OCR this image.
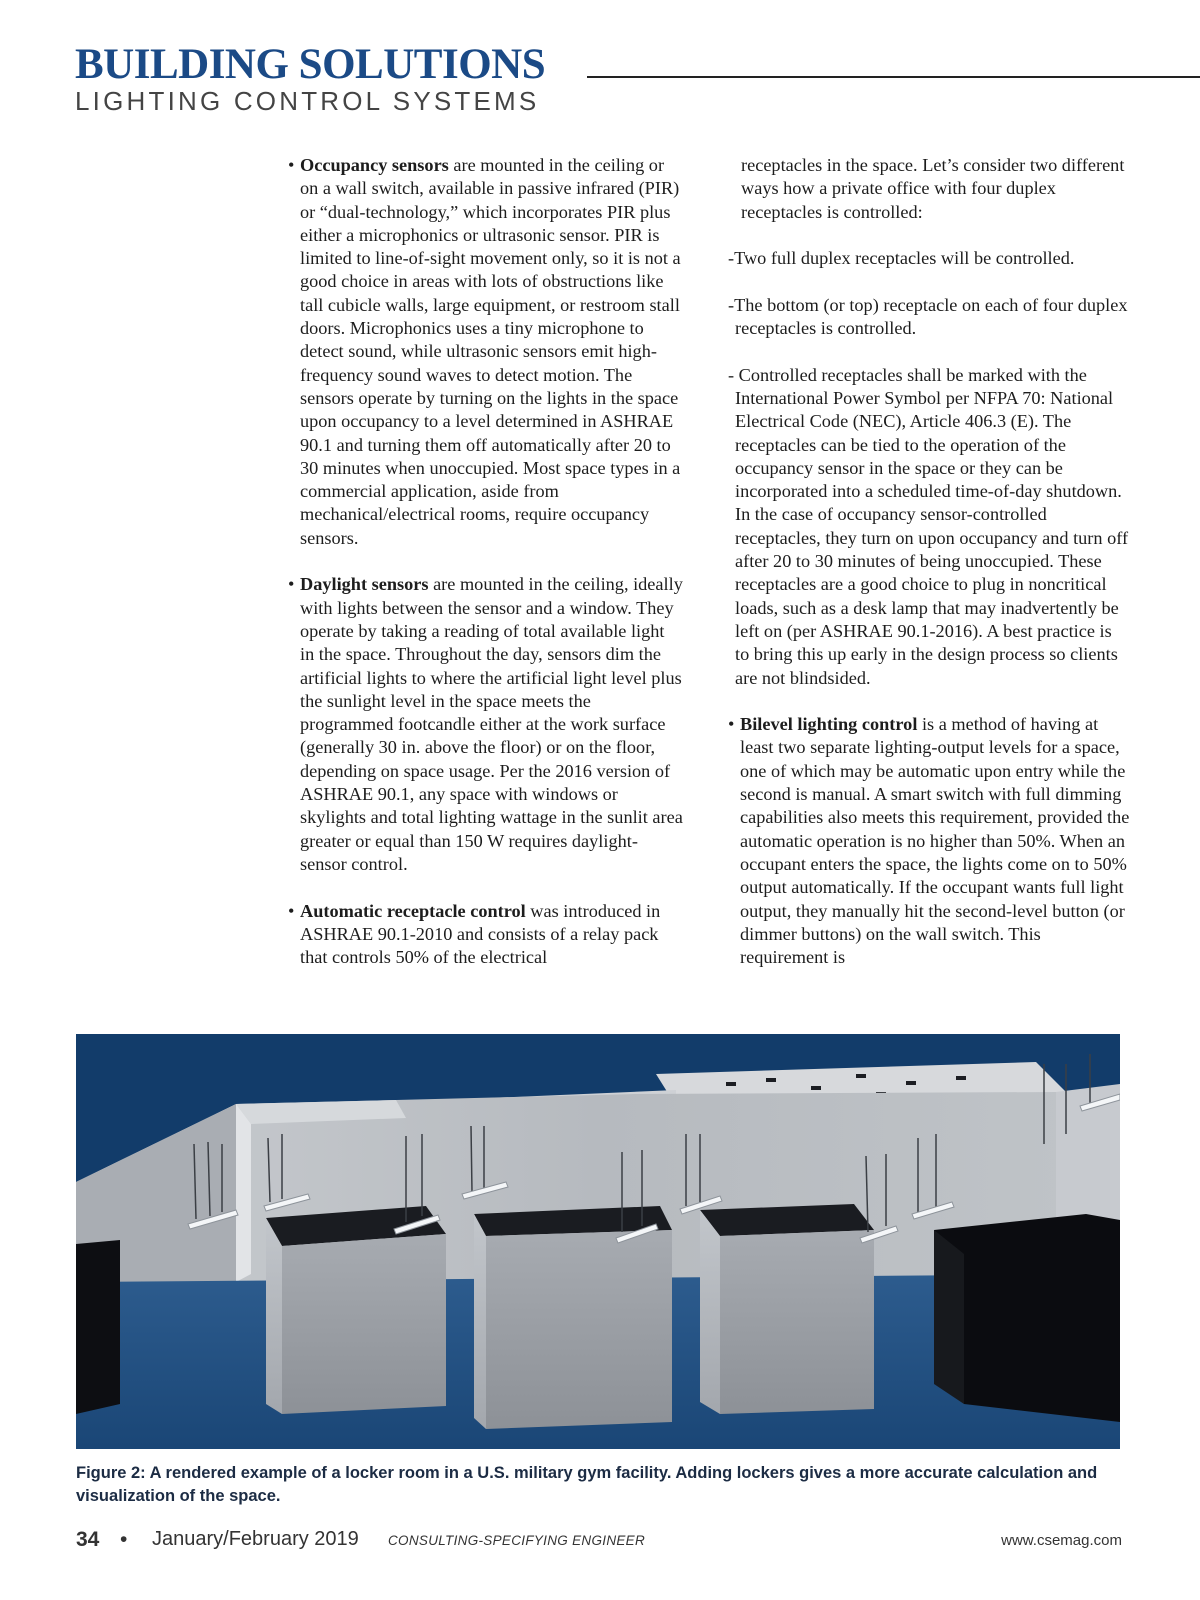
BUILDING SOLUTIONS
LIGHTING CONTROL SYSTEMS

• Occupancy sensors are mounted in the ceiling or on a wall switch, available in passive infrared (PIR) or “dual-technology,” which incorporates PIR plus either a microphonics or ultrasonic sensor. PIR is limited to line-of-sight movement only, so it is not a good choice in areas with lots of obstructions like tall cubicle walls, large equipment, or restroom stall doors. Microphonics uses a tiny microphone to detect sound, while ultrasonic sensors emit high-frequency sound waves to detect motion. The sensors operate by turning on the lights in the space upon occupancy to a level determined in ASHRAE 90.1 and turning them off automatically after 20 to 30 minutes when unoccupied. Most space types in a commercial application, aside from mechanical/electrical rooms, require occupancy sensors.

• Daylight sensors are mounted in the ceiling, ideally with lights between the sensor and a window. They operate by taking a reading of total available light in the space. Throughout the day, sensors dim the artificial lights to where the artificial light level plus the sunlight level in the space meets the programmed footcandle either at the work surface (generally 30 in. above the floor) or on the floor, depending on space usage. Per the 2016 version of ASHRAE 90.1, any space with windows or skylights and total lighting wattage in the sunlit area greater or equal than 150 W requires daylight-sensor control.

• Automatic receptacle control was introduced in ASHRAE 90.1-2010 and consists of a relay pack that controls 50% of the electrical

receptacles in the space. Let’s consider two different ways how a private office with four duplex receptacles is controlled:

-Two full duplex receptacles will be controlled.

-The bottom (or top) receptacle on each of four duplex receptacles is controlled.

- Controlled receptacles shall be marked with the International Power Symbol per NFPA 70: National Electrical Code (NEC), Article 406.3 (E). The receptacles can be tied to the operation of the occupancy sensor in the space or they can be incorporated into a scheduled time-of-day shutdown. In the case of occupancy sensor-controlled receptacles, they turn on upon occupancy and turn off after 20 to 30 minutes of being unoccupied. These receptacles are a good choice to plug in noncritical loads, such as a desk lamp that may inadvertently be left on (per ASHRAE 90.1-2016). A best practice is to bring this up early in the design process so clients are not blindsided.

• Bilevel lighting control is a method of having at least two separate lighting-output levels for a space, one of which may be automatic upon entry while the second is manual. A smart switch with full dimming capabilities also meets this requirement, provided the automatic operation is no higher than 50%. When an occupant enters the space, the lights come on to 50% output automatically. If the occupant wants full light output, they manually hit the second-level button (or dimmer buttons) on the wall switch. This requirement is

Figure 2: A rendered example of a locker room in a U.S. military gym facility. Adding lockers gives a more accurate calculation and visualization of the space.
34 • January/February 2019 CONSULTING-SPECIFYING ENGINEER	www.csemag.com
